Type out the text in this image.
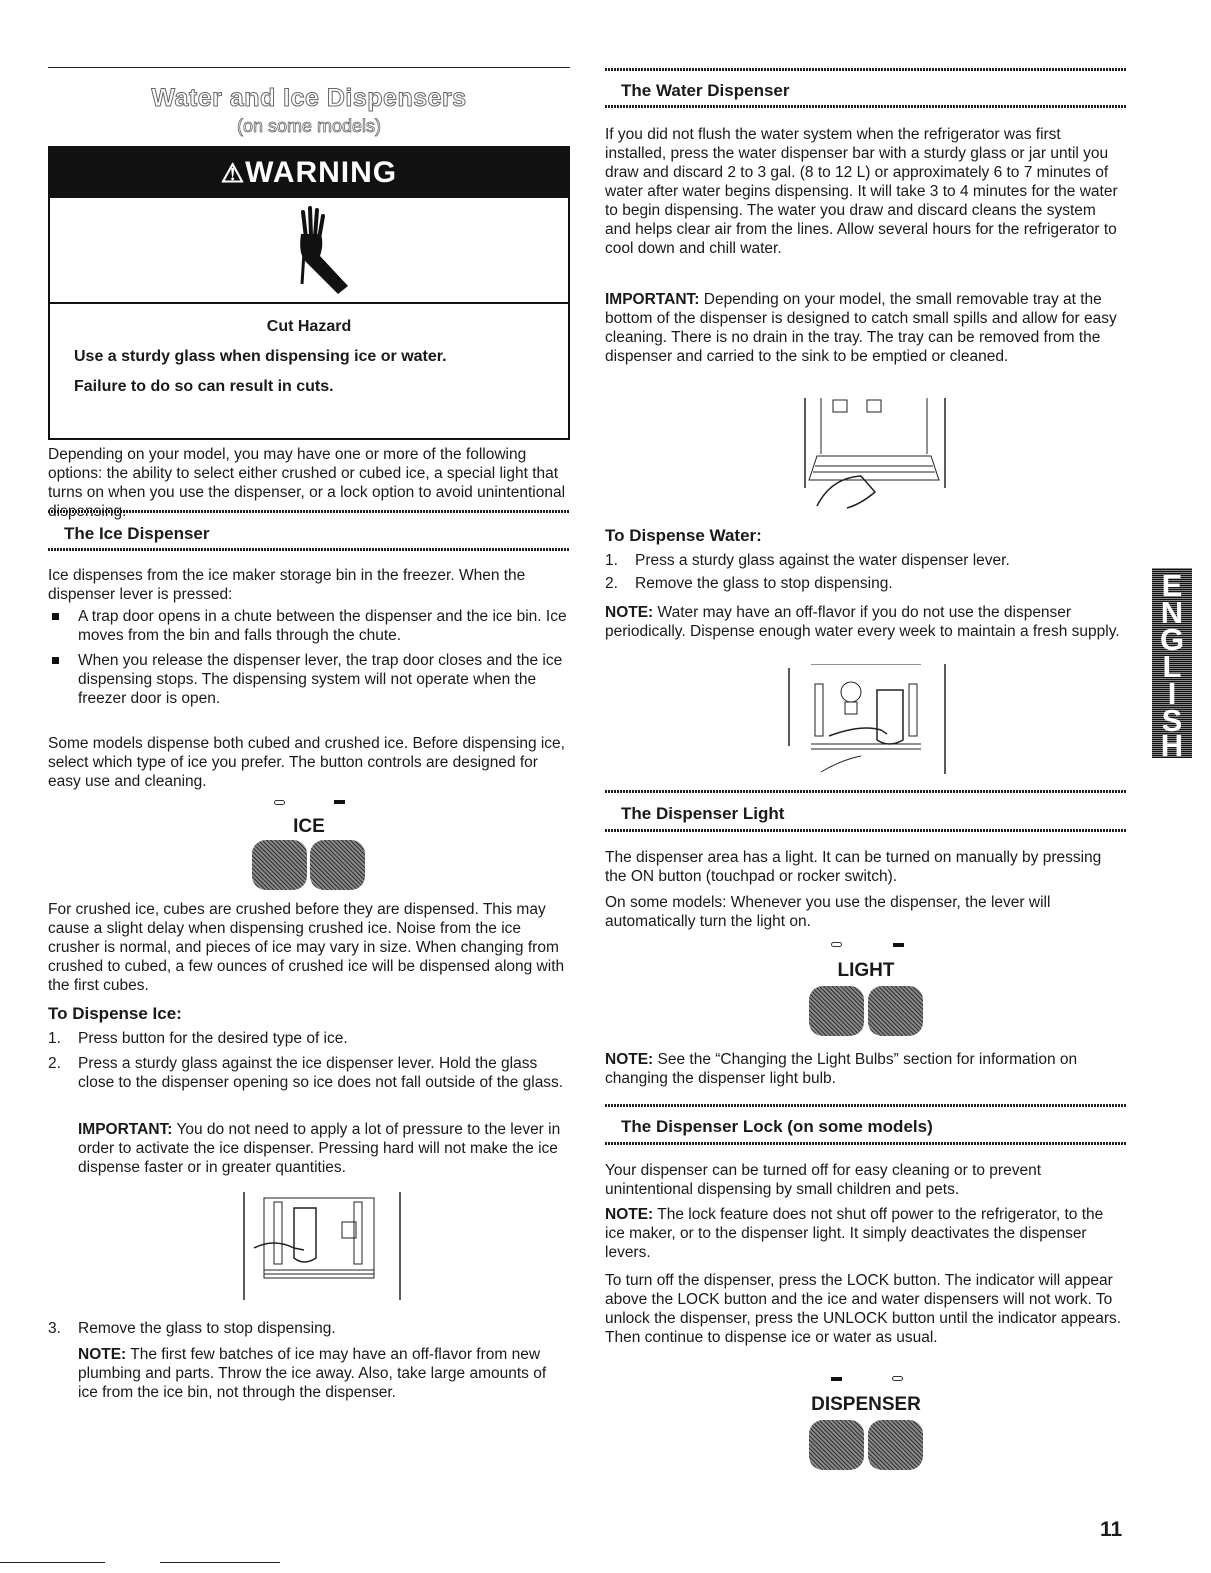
Water and Ice Dispensers
(on some models)
⚠WARNING
Cut Hazard
Use a sturdy glass when dispensing ice or water.
Failure to do so can result in cuts.

Depending on your model, you may have one or more of the following options: the ability to select either crushed or cubed ice, a special light that turns on when you use the dispenser, or a lock option to avoid unintentional

The Ice Dispenser

Ice dispenses from the ice maker storage bin in the freezer. When the dispenser lever is pressed:

A trap door opens in a chute between the dispenser and the ice bin. Ice moves from the bin and falls through the chute.
When you release the dispenser lever, the trap door closes and the ice dispensing stops. The dispensing system will not operate when the freezer door is open.

Some models dispense both cubed and crushed ice. Before dispensing ice, select which type of ice you prefer. The button controls are designed for easy use and cleaning.

ICE

For crushed ice, cubes are crushed before they are dispensed. This may cause a slight delay when dispensing crushed ice. Noise from the ice crusher is normal, and pieces of ice may vary in size. When changing from crushed to cubed, a few ounces of crushed ice will be dispensed along with the first cubes.

To Dispense Ice:
1. Press button for the desired type of ice.
2. Press a sturdy glass against the ice dispenser lever. Hold the glass close to the dispenser opening so ice does not fall outside of the glass.

IMPORTANT: You do not need to apply a lot of pressure to the lever in order to activate the ice dispenser. Pressing hard will not make the ice dispense faster or in greater quantities.

3. Remove the glass to stop dispensing.

NOTE: The first few batches of ice may have an off-flavor from new plumbing and parts. Throw the ice away. Also, take large amounts of ice from the ice bin, not through the dispenser.

The Water Dispenser

If you did not flush the water system when the refrigerator was first installed, press the water dispenser bar with a sturdy glass or jar until you draw and discard 2 to 3 gal. (8 to 12 L) or approximately 6 to 7 minutes of water after water begins dispensing. It will take 3 to 4 minutes for the water to begin dispensing. The water you draw and discard cleans the system and helps clear air from the lines. Allow several hours for the refrigerator to cool down and chill water.

IMPORTANT: Depending on your model, the small removable tray at the bottom of the dispenser is designed to catch small spills and allow for easy cleaning. There is no drain in the tray. The tray can be removed from the dispenser and carried to the sink to be emptied or cleaned.

To Dispense Water:
1. Press a sturdy glass against the water dispenser lever.
2. Remove the glass to stop dispensing.

NOTE: Water may have an off-flavor if you do not use the dispenser periodically. Dispense enough water every week to maintain a fresh supply.

The Dispenser Light

The dispenser area has a light. It can be turned on manually by pressing the ON button (touchpad or rocker switch).

On some models: Whenever you use the dispenser, the lever will automatically turn the light on.

LIGHT

NOTE: See the “Changing the Light Bulbs” section for information on changing the dispenser light bulb.

The Dispenser Lock (on some models)

Your dispenser can be turned off for easy cleaning or to prevent unintentional dispensing by small children and pets.

NOTE: The lock feature does not shut off power to the refrigerator, to the ice maker, or to the dispenser light. It simply deactivates the dispenser levers.

To turn off the dispenser, press the LOCK button. The indicator will appear above the LOCK button and the ice and water dispensers will not work. To unlock the dispenser, press the UNLOCK button until the indicator appears. Then continue to dispense ice or water as usual.

DISPENSER
E
N
G
L
I
S
H
11
